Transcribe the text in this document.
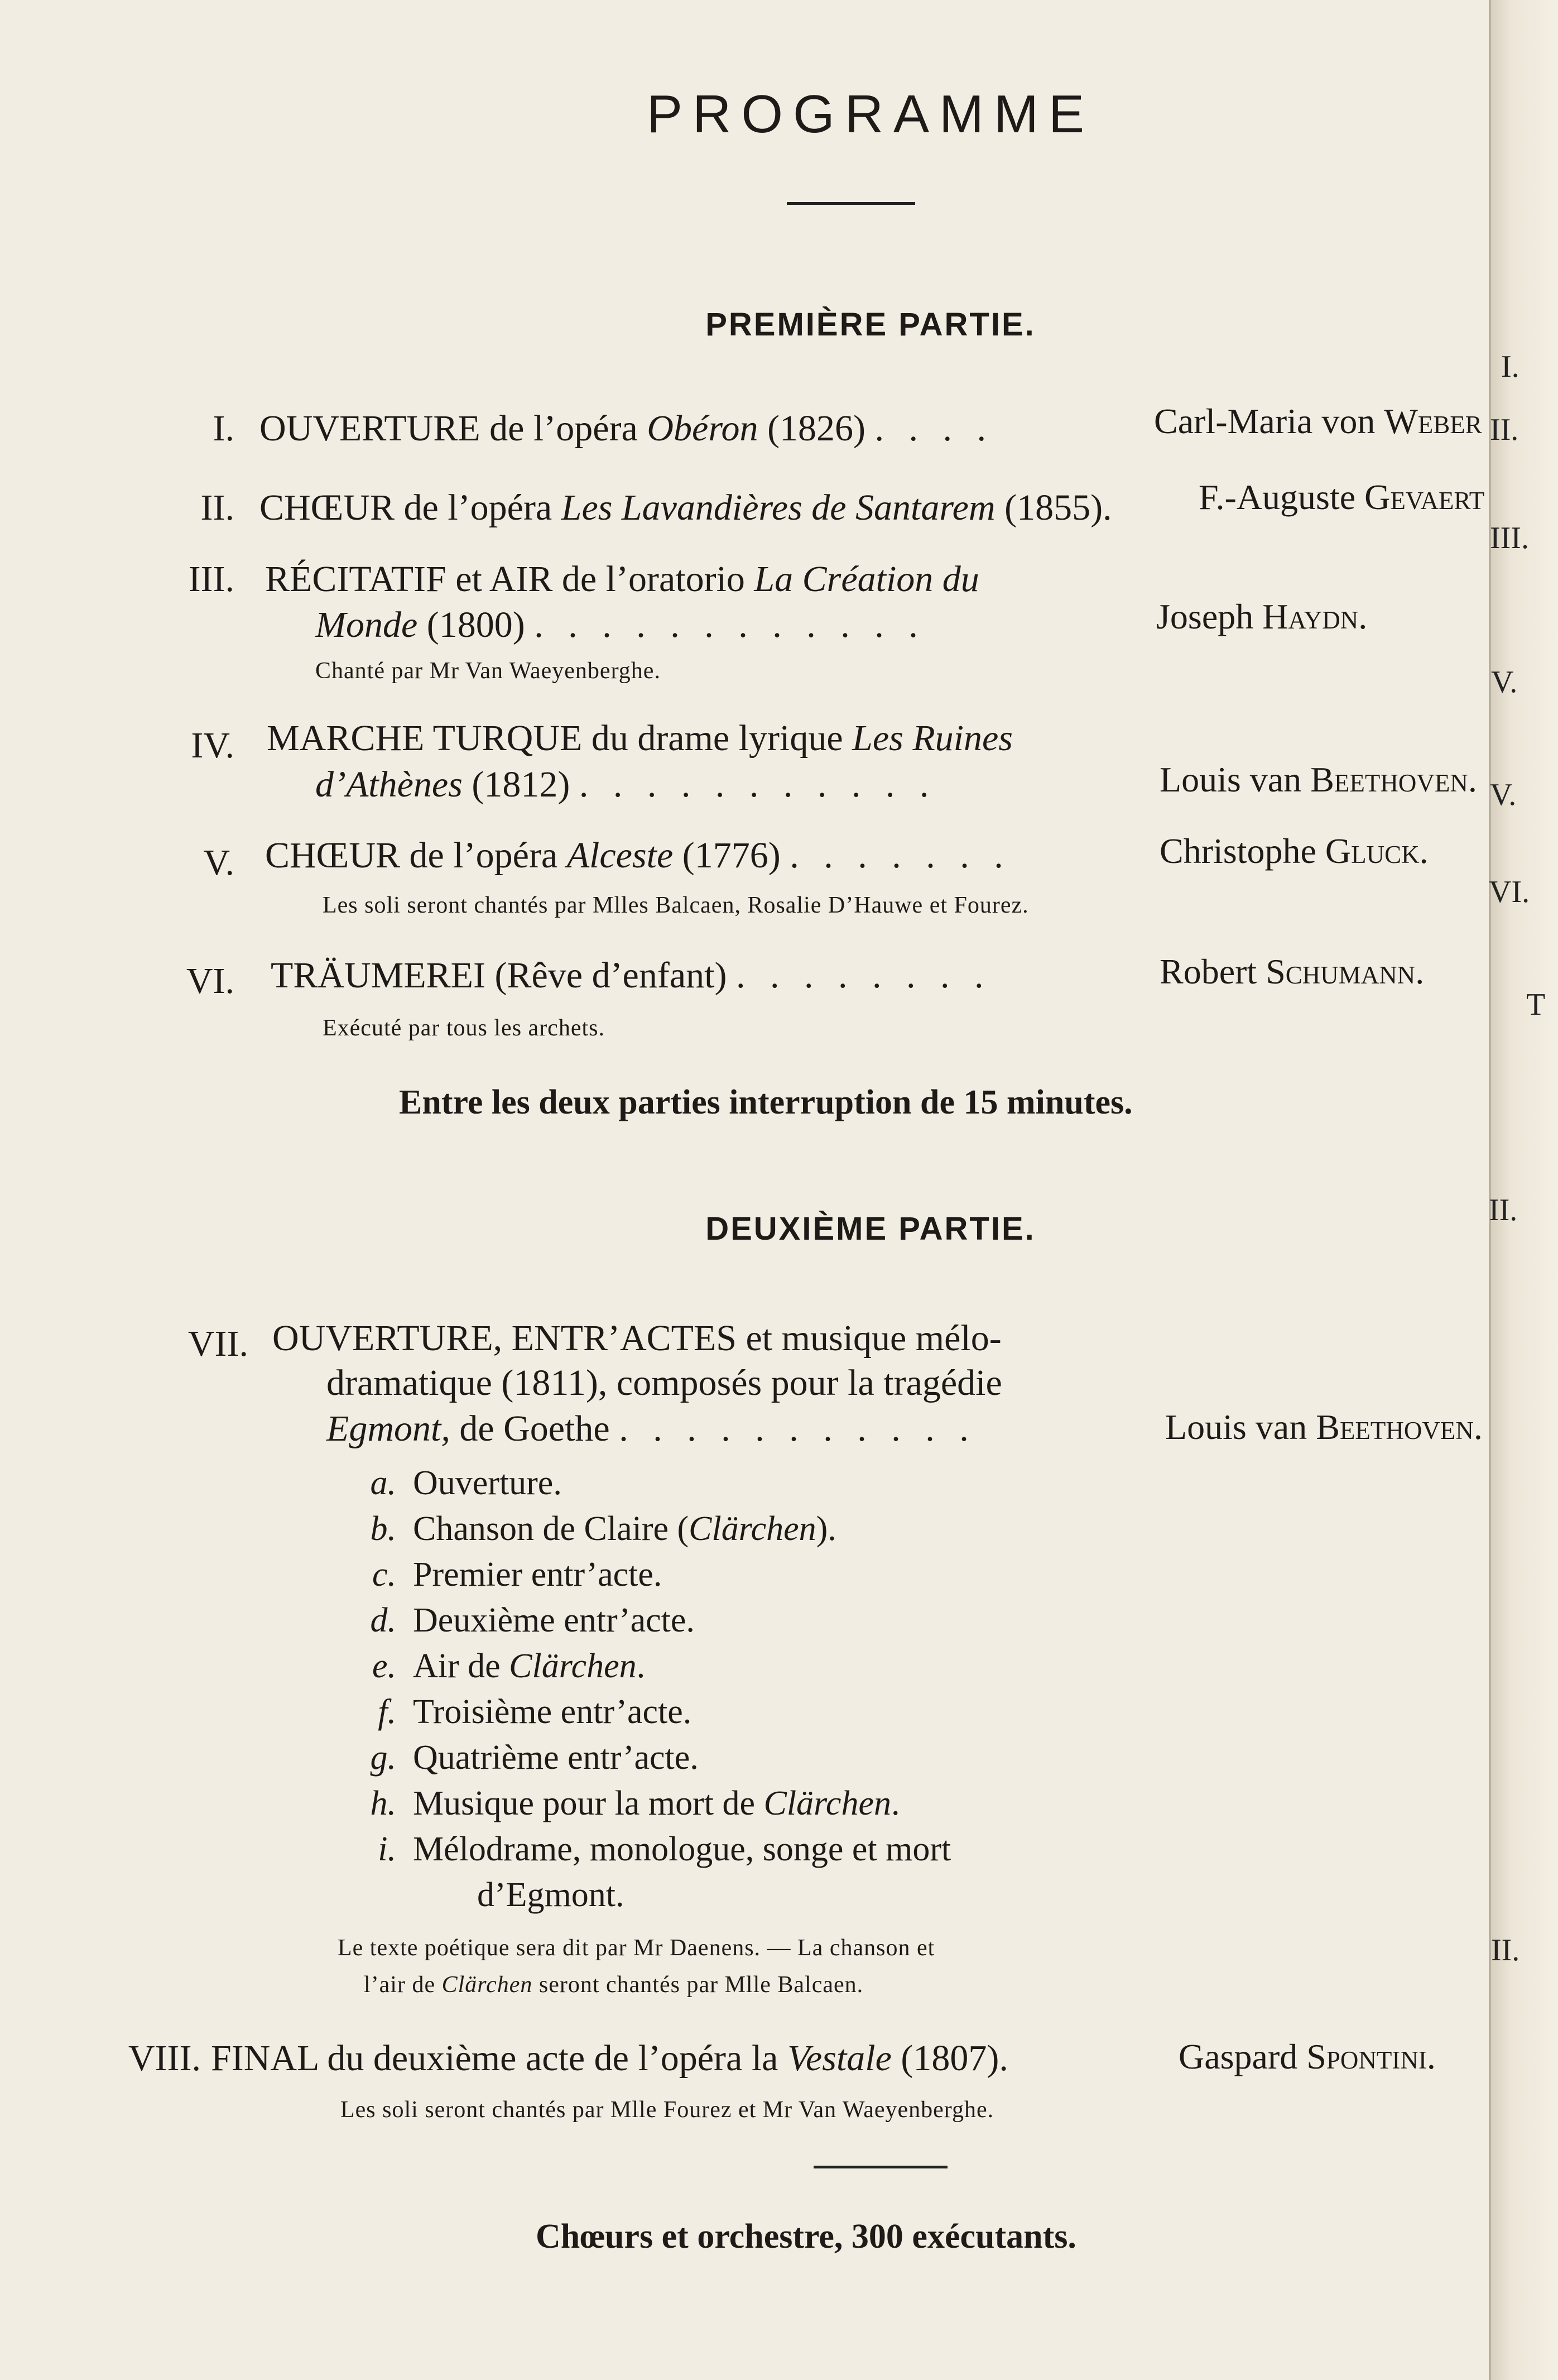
PROGRAMME
PREMIÈRE PARTIE.
I. OUVERTURE de l’opéra Obéron (1826) . . . .	Carl-Maria von Weber
II. CHŒUR de l’opéra Les Lavandières de Santarem (1855). F.-Auguste Gevaert
III. RÉCITATIF et AIR de l’oratorio La Création du
Monde (1800) . . . . . . . . . . . .	Joseph Haydn.
Chanté par Mr Van Waeyenberghe.
IV. MARCHE TURQUE du drame lyrique Les Ruines
d’Athènes (1812) . . . . . . . . . . .	Louis van Beethoven.
V. CHŒUR de l’opéra Alceste (1776) . . . . . . .	Christophe Gluck.
Les soli seront chantés par Mlles Balcaen, Rosalie D’Hauwe et Fourez.
VI. TRÄUMEREI (Rêve d’enfant) . . . . . . . .	Robert Schumann.
Exécuté par tous les archets.
Entre les deux parties interruption de 15 minutes.
DEUXIÈME PARTIE.
VII. OUVERTURE, ENTR’ACTES et musique mélo-
dramatique (1811), composés pour la tragédie
Egmont, de Goethe . . . . . . . . . . .	Louis van Beethoven.
a. Ouverture.
b. Chanson de Claire (Clärchen).
c. Premier entr’acte.
d. Deuxième entr’acte.
e. Air de Clärchen.
f. Troisième entr’acte.
g. Quatrième entr’acte.
h. Musique pour la mort de Clärchen.
i. Mélodrame, monologue, songe et mort
d’Egmont.
Le texte poétique sera dit par Mr Daenens. — La chanson et
l’air de Clärchen seront chantés par Mlle Balcaen.
VIII. FINAL du deuxième acte de l’opéra la Vestale (1807).	Gaspard Spontini.
Les soli seront chantés par Mlle Fourez et Mr Van Waeyenberghe.
Chœurs et orchestre, 300 exécutants.
I.
II.
III.
V.
V.
VI.
T
II.
II.
